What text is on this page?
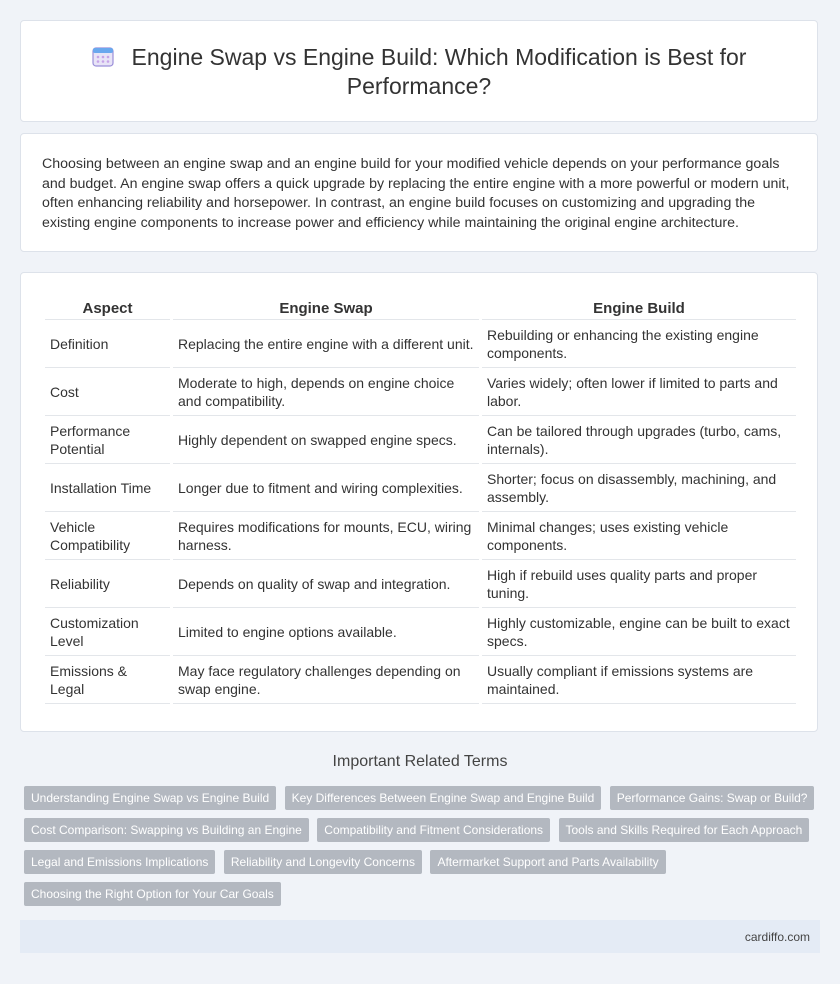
Engine Swap vs Engine Build: Which Modification is Best for Performance?

Choosing between an engine swap and an engine build for your modified vehicle depends on your performance goals and budget. An engine swap offers a quick upgrade by replacing the entire engine with a more powerful or modern unit, often enhancing reliability and horsepower. In contrast, an engine build focuses on customizing and upgrading the existing engine components to increase power and efficiency while maintaining the original engine architecture.

Aspect	Engine Swap	Engine Build
Definition	Replacing the entire engine with a different unit.	Rebuilding or enhancing the existing engine components.
Cost	Moderate to high, depends on engine choice and compatibility.	Varies widely; often lower if limited to parts and labor.
Performance Potential	Highly dependent on swapped engine specs.	Can be tailored through upgrades (turbo, cams, internals).
Installation Time	Longer due to fitment and wiring complexities.	Shorter; focus on disassembly, machining, and assembly.
Vehicle Compatibility	Requires modifications for mounts, ECU, wiring harness.	Minimal changes; uses existing vehicle components.
Reliability	Depends on quality of swap and integration.	High if rebuild uses quality parts and proper tuning.
Customization Level	Limited to engine options available.	Highly customizable, engine can be built to exact specs.
Emissions & Legal	May face regulatory challenges depending on swap engine.	Usually compliant if emissions systems are maintained.
Important Related Terms
Understanding Engine Swap vs Engine Build Key Differences Between Engine Swap and Engine Build Performance Gains: Swap or Build? Cost Comparison: Swapping vs Building an Engine Compatibility and Fitment Considerations Tools and Skills Required for Each Approach Legal and Emissions Implications Reliability and Longevity Concerns Aftermarket Support and Parts Availability Choosing the Right Option for Your Car Goals
cardiffo.com
